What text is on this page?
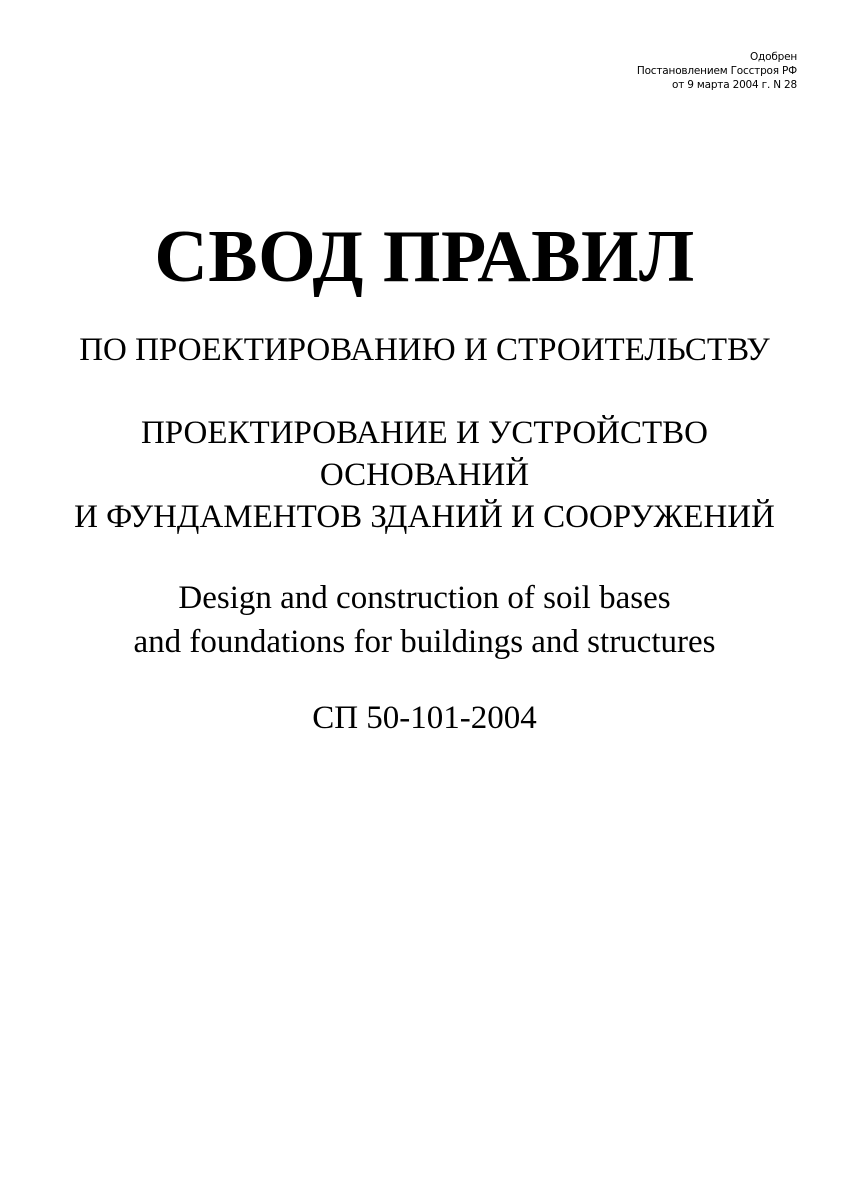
Одобрен
Постановлением Госстроя РФ
от 9 марта 2004 г. N 28
СВОД ПРАВИЛ
ПО ПРОЕКТИРОВАНИЮ И СТРОИТЕЛЬСТВУ
ПРОЕКТИРОВАНИЕ И УСТРОЙСТВО
ОСНОВАНИЙ
И ФУНДАМЕНТОВ ЗДАНИЙ И СООРУЖЕНИЙ
Design and construction of soil bases
and foundations for buildings and structures
СП 50-101-2004
